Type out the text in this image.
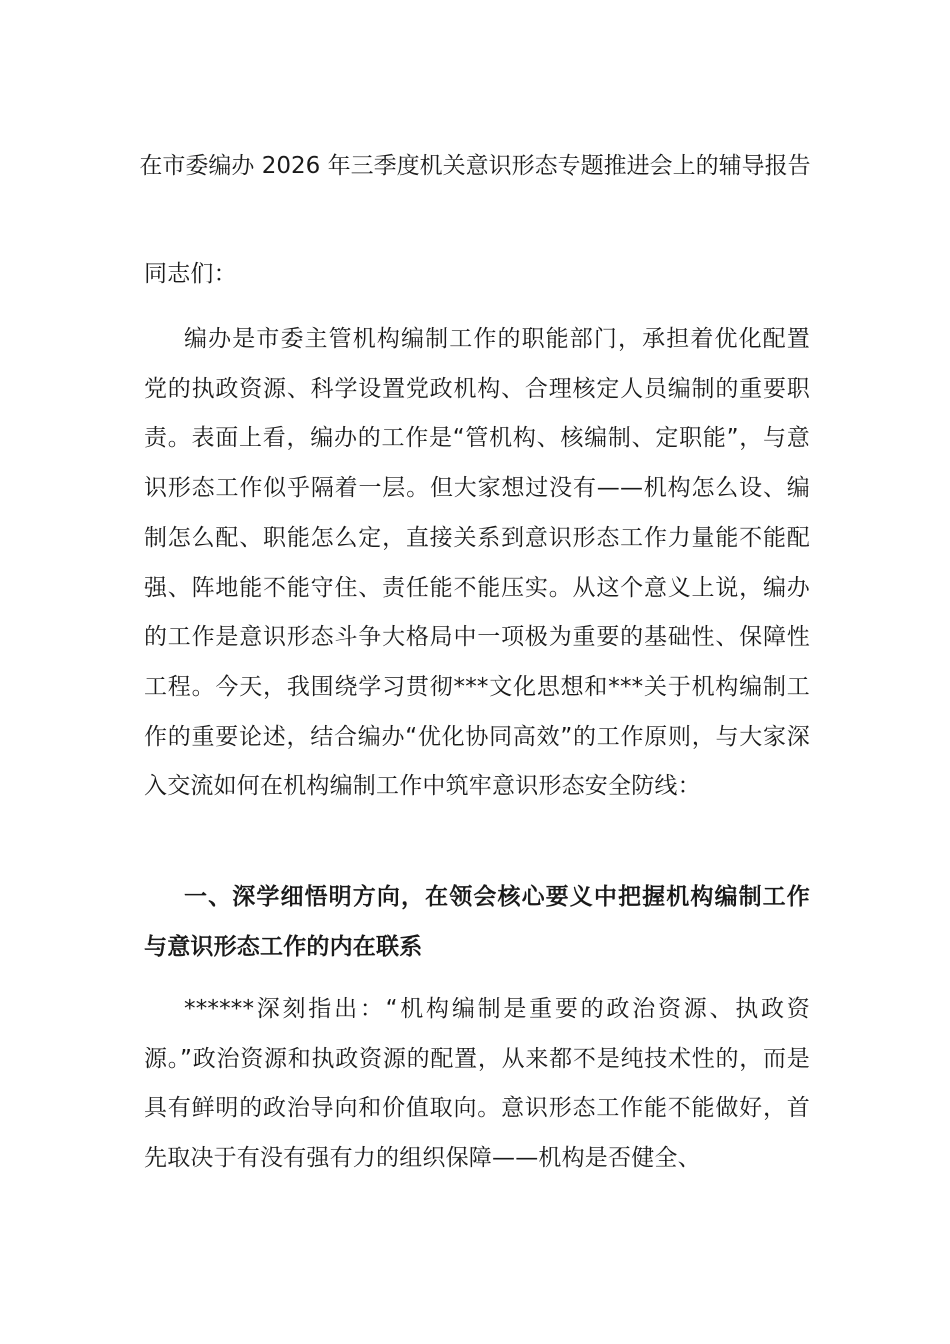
在市委编办 2026 年三季度机关意识形态专题推进会上的辅导报告

同志们：

编办是市委主管机构编制工作的职能部门，承担着优化配置党的执政资源、科学设置党政机构、合理核定人员编制的重要职责。表面上看，编办的工作是“管机构、核编制、定职能”，与意识形态工作似乎隔着一层。但大家想过没有——机构怎么设、编制怎么配、职能怎么定，直接关系到意识形态工作力量能不能配强、阵地能不能守住、责任能不能压实。从这个意义上说，编办的工作是意识形态斗争大格局中一项极为重要的基础性、保障性工程。今天，我围绕学习贯彻***文化思想和***关于机构编制工作的重要论述，结合编办“优化协同高效”的工作原则，与大家深入交流如何在机构编制工作中筑牢意识形态安全防线：

一、深学细悟明方向，在领会核心要义中把握机构编制工作与意识形态工作的内在联系

******深刻指出：“机构编制是重要的政治资源、执政资源。”政治资源和执政资源的配置，从来都不是纯技术性的，而是具有鲜明的政治导向和价值取向。意识形态工作能不能做好，首先取决于有没有强有力的组织保障——机构是否健全、
